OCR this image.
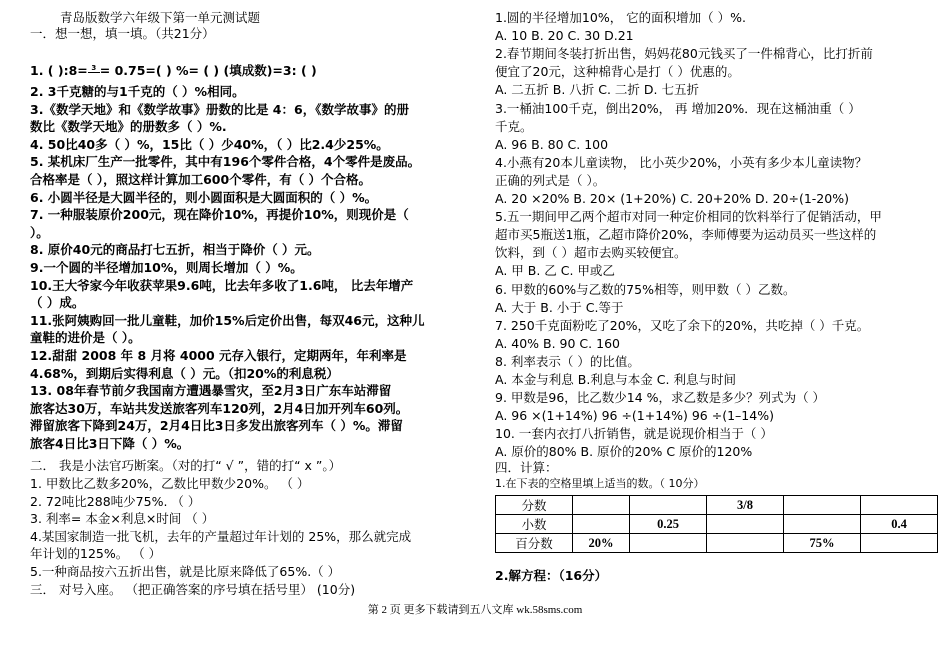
青岛版数学六年级下第一单元测试题
一．想一想，填一填。（共21分）
1. ( ):8= 3 = 0.75=( ) %= ( ) (填成数)=3: ( )
2. 3千克糖的与1千克的（ ）%相同。
3.《数学天地》和《数学故事》册数的比是 4：6，《数学故事》的册
数比《数学天地》的册数多（ ）%.
4. 50比40多（ ）%，15比（ ）少40%，（ ）比2.4少25%。
5. 某机床厂生产一批零件，其中有196个零件合格，4个零件是废品。
合格率是（ ），照这样计算加工600个零件，有（ ）个合格。
6. 小圆半径是大圆半径的，则小圆面积是大圆面积的（ ）%。
7. 一种服装原价200元，现在降价10%，再提价10%，则现价是（
）。
8. 原价40元的商品打七五折，相当于降价（ ）元。
9.一个圆的半径增加10%，则周长增加（ ）%。
10.王大爷家今年收获苹果9.6吨，比去年多收了1.6吨， 比去年增产
（ ）成。
11.张阿姨购回一批儿童鞋，加价15%后定价出售，每双46元，这种儿
童鞋的进价是（ ）。
12.甜甜 2008 年 8 月将 4000 元存入银行，定期两年，年利率是
4.68%，到期后实得利息（ ）元。（扣20%的利息税）
13. 08年春节前夕我国南方遭遇暴雪灾，至2月3日广东车站滞留
旅客达30万，车站共发送旅客列车120列，2月4日加开列车60列。
滞留旅客下降到24万，2月4日比3日多发出旅客列车（ ）%。滞留
旅客4日比3日下降（ ）%。
二． 我是小法官巧断案。（对的打“ √ ”，错的打“ x ”。）
1. 甲数比乙数多20%，乙数比甲数少20%。 （ ）
2. 72吨比288吨少75%. （ ）
3. 利率= 本金×利息×时间 （ ）
4.某国家制造一批飞机，去年的产量超过年计划的 25%，那么就完成
年计划的125%。 （ ）
5.一种商品按六五折出售，就是比原来降低了65%.（ ）
三． 对号入座。 （把正确答案的序号填在括号里） (10分)
1.圆的半径增加10%， 它的面积增加（ ）%.
A. 10 B. 20 C. 30 D.21
2.春节期间冬装打折出售，妈妈花80元钱买了一件棉背心，比打折前
便宜了20元，这种棉背心是打（ ）优惠的。
A. 二五折 B. 八折 C. 二折 D. 七五折
3.一桶油100千克，倒出20%， 再 增加20%．现在这桶油重（ ）
千克。
A. 96 B. 80 C. 100
4.小燕有20本儿童读物， 比小英少20%，小英有多少本儿童读物？
正确的列式是（ ）。
A. 20 ×20% B. 20× (1+20%) C. 20+20% D. 20÷(1-20%)
5.五一期间甲乙两个超市对同一种定价相同的饮料举行了促销活动，甲
超市买5瓶送1瓶，乙超市降价20%，李师傅要为运动员买一些这样的
饮料，到（ ）超市去购买较便宜。
A. 甲 B. 乙 C. 甲或乙
6. 甲数的60%与乙数的75%相等，则甲数（ ）乙数。
A. 大于 B. 小于 C.等于
7. 250千克面粉吃了20%，又吃了余下的20%，共吃掉（ ）千克。
A. 40% B. 90 C. 160
8. 利率表示（ ）的比值。
A. 本金与利息 B.利息与本金 C. 利息与时间
9. 甲数是96，比乙数少14 %，求乙数是多少？列式为（ ）
A. 96 ×(1+14%) 96 ÷(1+14%) 96 ÷(1–14%)
10. 一套内衣打八折销售，就是说现价相当于（ ）
A. 原价的80% B. 原价的20% C 原价的120%
四．计算：
1.在下表的空格里填上适当的数。（ 10分）
分数			3/8		
小数		0.25			0.4
百分数	20%			75%	
2.解方程：（16分）
第 2 页 更多下载请到五八文库 wk.58sms.com
